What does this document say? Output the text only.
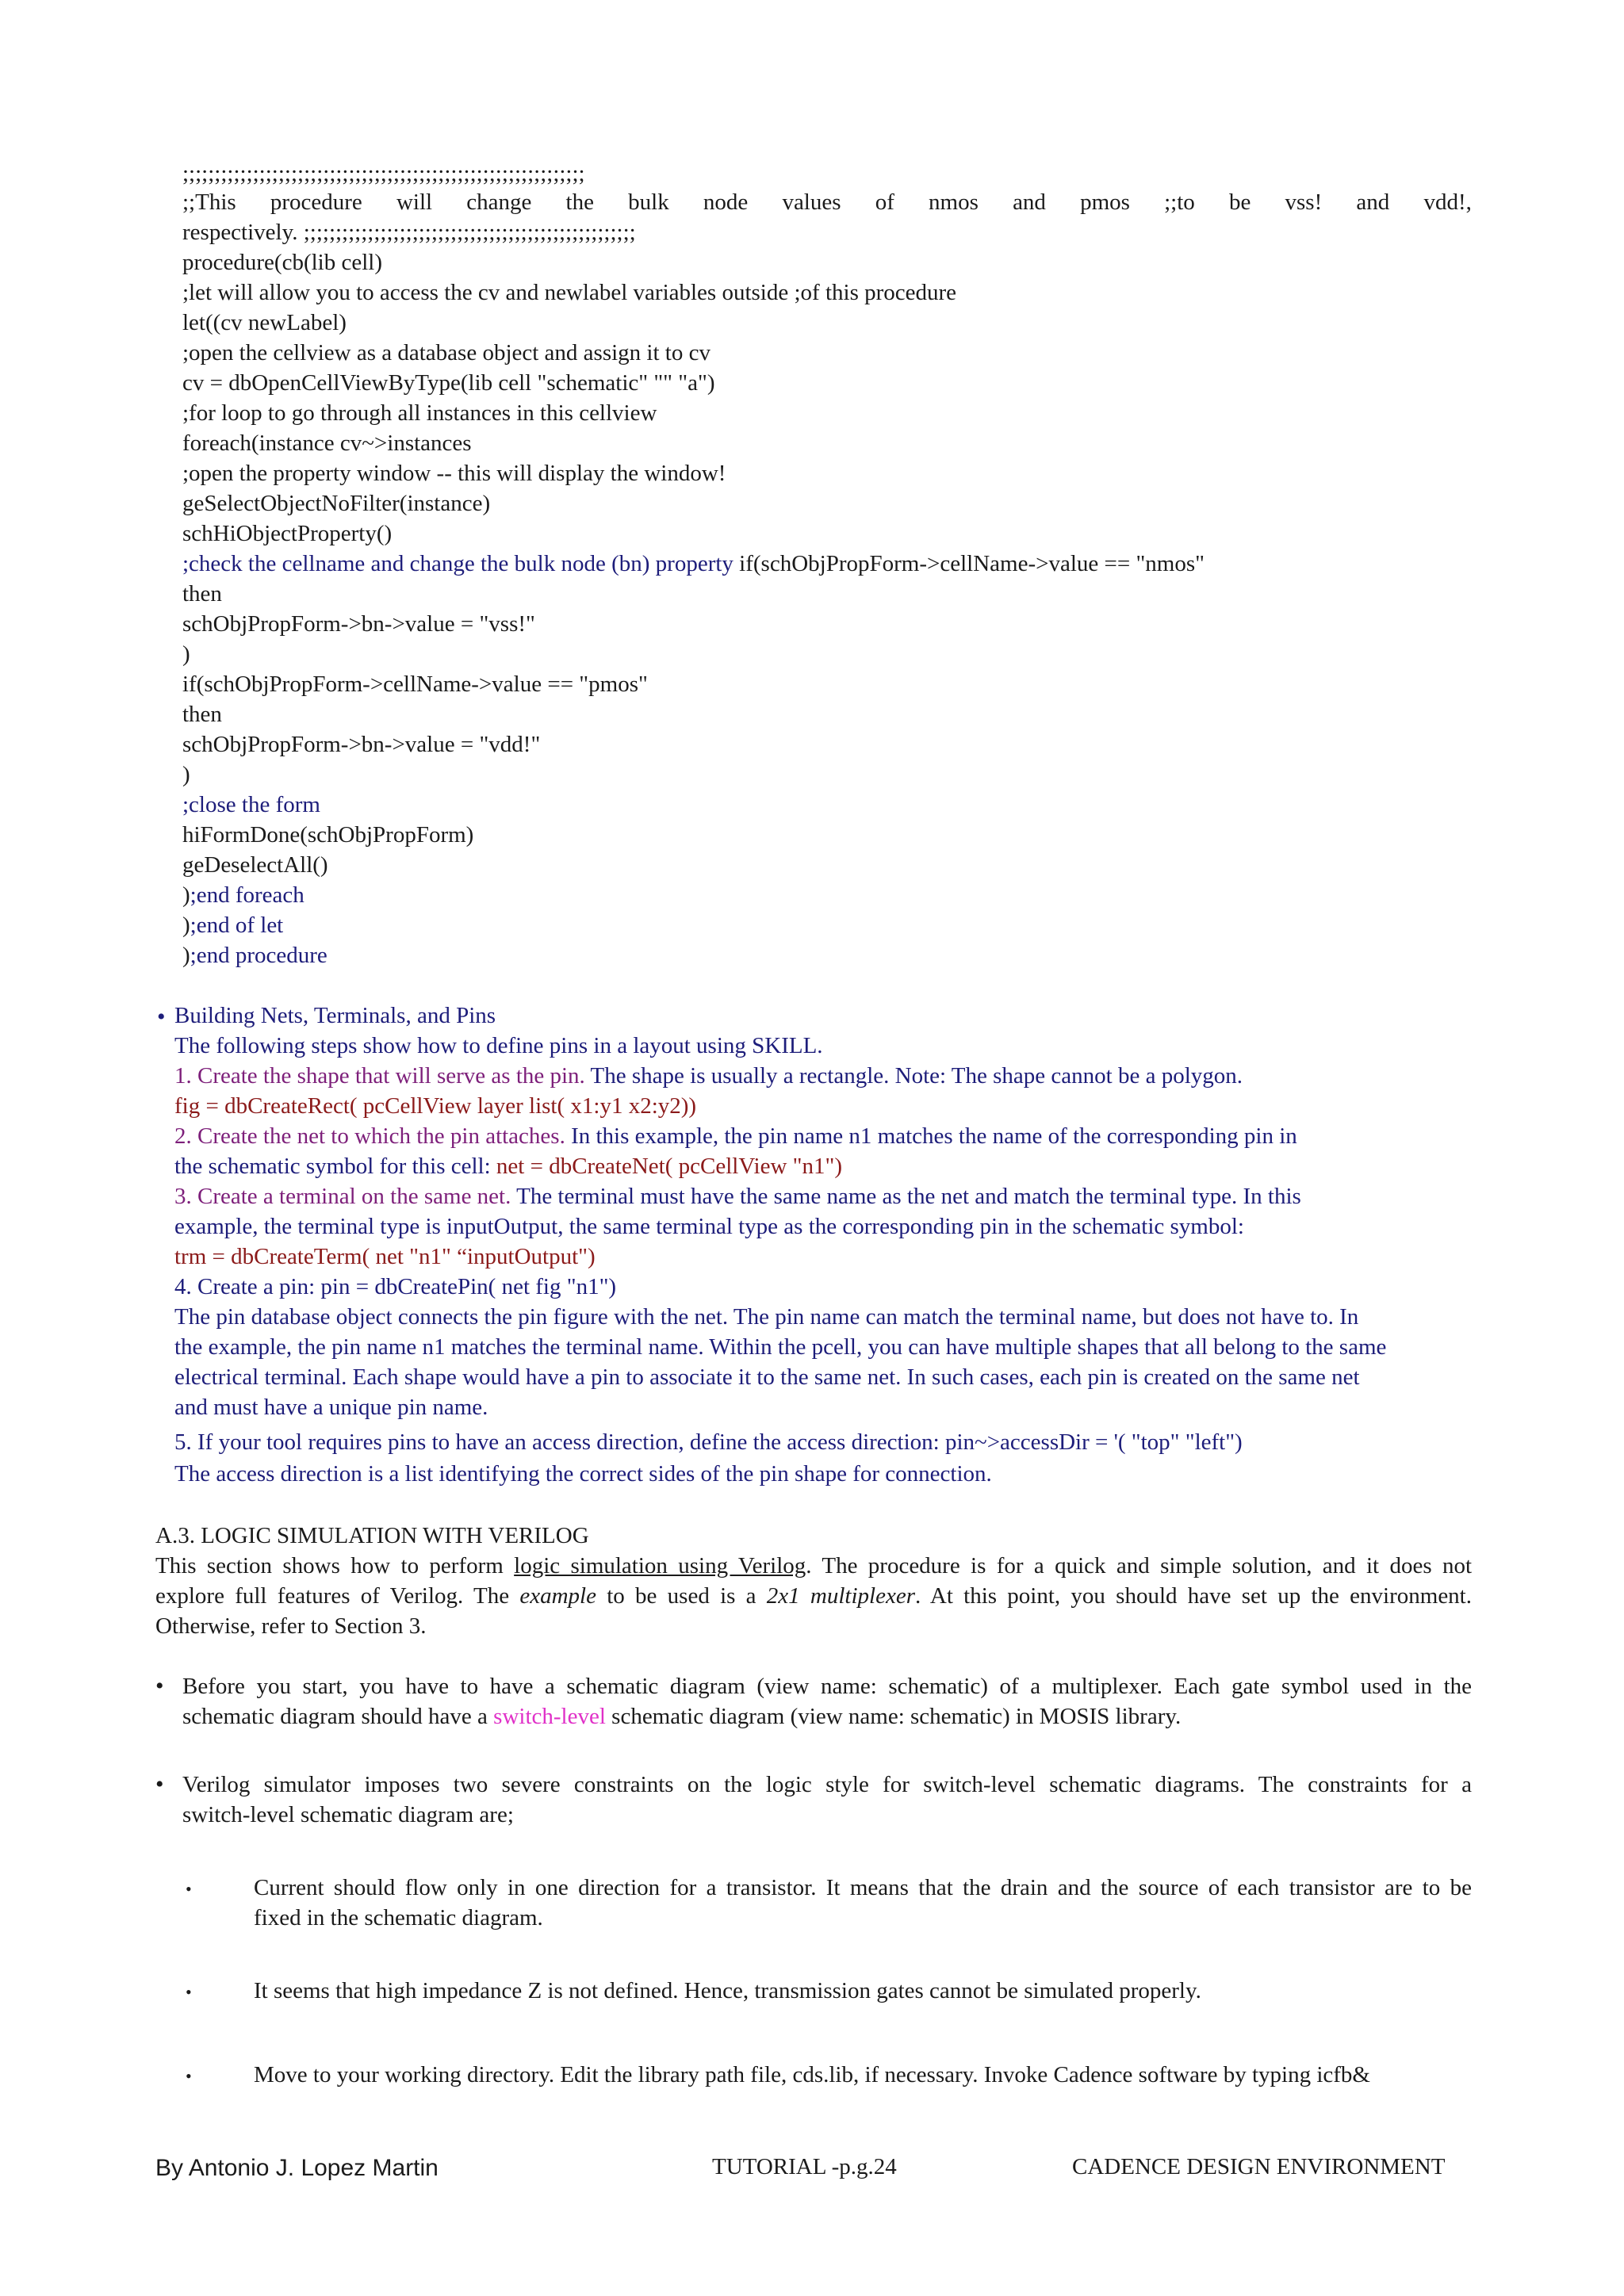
;;;;;;;;;;;;;;;;;;;;;;;;;;;;;;;;;;;;;;;;;;;;;;;;;;;;;;;;;;;;;;;
;;This procedure will change the bulk node values of nmos and pmos ;;to be vss! and vdd!,
respectively. ;;;;;;;;;;;;;;;;;;;;;;;;;;;;;;;;;;;;;;;;;;;;;;;;;;;;
procedure(cb(lib cell)
;let will allow you to access the cv and newlabel variables outside ;of this procedure
let((cv newLabel)
;open the cellview as a database object and assign it to cv
cv = dbOpenCellViewByType(lib cell "schematic" "" "a")
;for loop to go through all instances in this cellview
foreach(instance cv~>instances
;open the property window -- this will display the window!
geSelectObjectNoFilter(instance)
schHiObjectProperty()
;check the cellname and change the bulk node (bn) property if(schObjPropForm->cellName->value == "nmos"
then
schObjPropForm->bn->value = "vss!"
)
if(schObjPropForm->cellName->value == "pmos"
then
schObjPropForm->bn->value = "vdd!"
)
;close the form
hiFormDone(schObjPropForm)
geDeselectAll()
);end foreach
);end of let
);end procedure
• Building Nets, Terminals, and Pins
The following steps show how to define pins in a layout using SKILL.
1. Create the shape that will serve as the pin. The shape is usually a rectangle. Note: The shape cannot be a polygon.
fig = dbCreateRect( pcCellView layer list( x1:y1 x2:y2))
2. Create the net to which the pin attaches. In this example, the pin name n1 matches the name of the corresponding pin in
the schematic symbol for this cell: net = dbCreateNet( pcCellView "n1")
3. Create a terminal on the same net. The terminal must have the same name as the net and match the terminal type. In this
example, the terminal type is inputOutput, the same terminal type as the corresponding pin in the schematic symbol:
trm = dbCreateTerm( net "n1" “inputOutput")
4. Create a pin: pin = dbCreatePin( net fig "n1")
The pin database object connects the pin figure with the net. The pin name can match the terminal name, but does not have to. In
the example, the pin name n1 matches the terminal name. Within the pcell, you can have multiple shapes that all belong to the same
electrical terminal. Each shape would have a pin to associate it to the same net. In such cases, each pin is created on the same net
and must have a unique pin name.
5. If your tool requires pins to have an access direction, define the access direction: pin~>accessDir = '( "top" "left")
The access direction is a list identifying the correct sides of the pin shape for connection.
A.3. LOGIC SIMULATION WITH VERILOG
This section shows how to perform logic simulation using Verilog. The procedure is for a quick and simple solution, and it does not
explore full features of Verilog. The example to be used is a 2x1 multiplexer. At this point, you should have set up the environment.
Otherwise, refer to Section 3.
• Before you start, you have to have a schematic diagram (view name: schematic) of a multiplexer. Each gate symbol used in the
schematic diagram should have a switch-level schematic diagram (view name: schematic) in MOSIS library.
• Verilog simulator imposes two severe constraints on the logic style for switch-level schematic diagrams. The constraints for a
switch-level schematic diagram are;
•	Current should flow only in one direction for a transistor. It means that the drain and the source of each transistor are to be
fixed in the schematic diagram.
•	It seems that high impedance Z is not defined. Hence, transmission gates cannot be simulated properly.
•	Move to your working directory. Edit the library path file, cds.lib, if necessary. Invoke Cadence software by typing icfb&
By Antonio J. Lopez Martin	TUTORIAL -p.g.24	CADENCE DESIGN ENVIRONMENT
